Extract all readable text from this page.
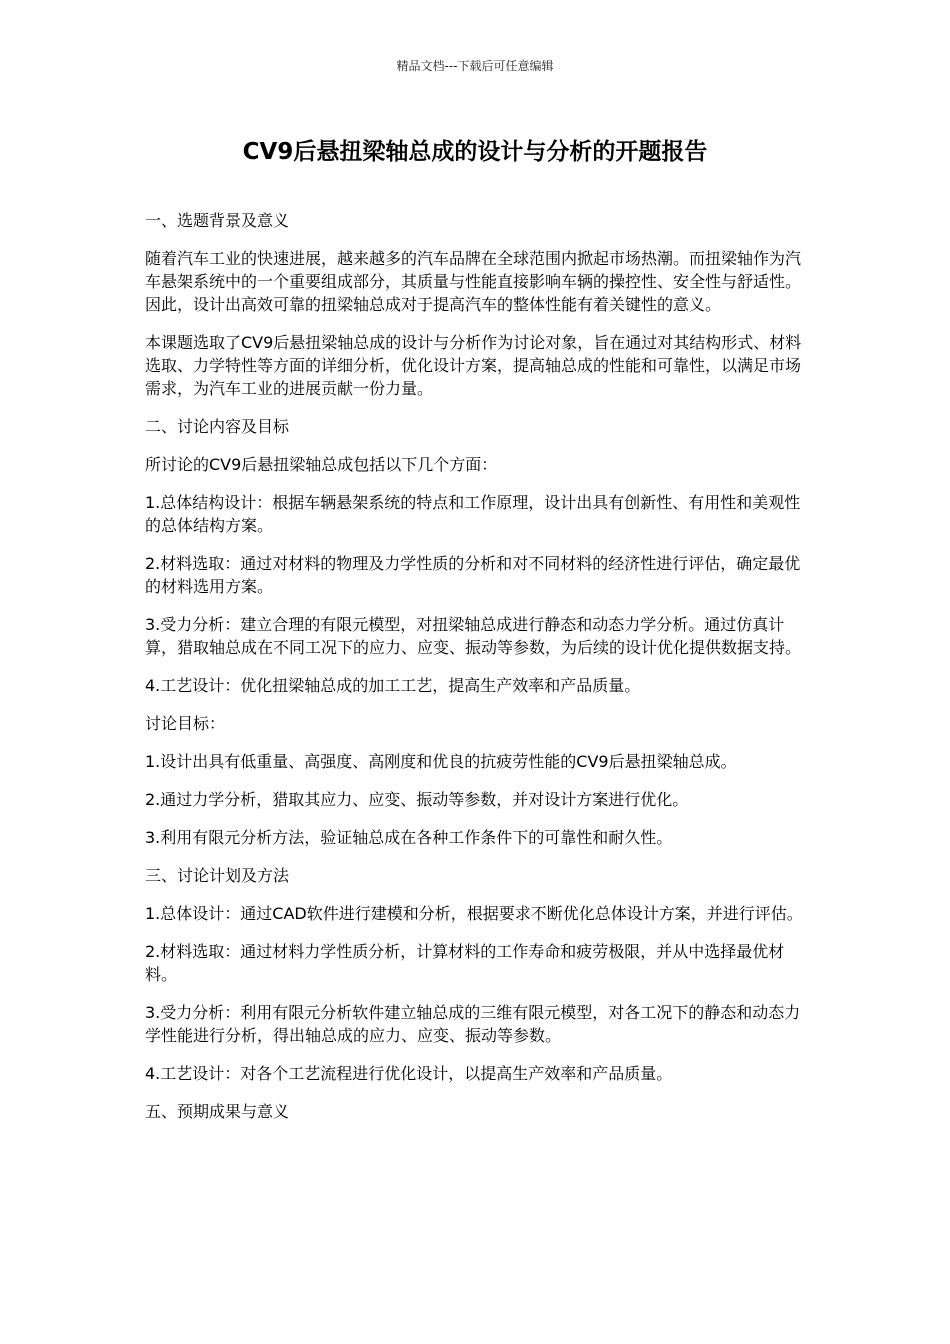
精品文档---下载后可任意编辑
CV9后悬扭梁轴总成的设计与分析的开题报告

一、选题背景及意义

随着汽车工业的快速进展，越来越多的汽车品牌在全球范围内掀起市场热潮。而扭梁轴作为汽车悬架系统中的一个重要组成部分，其质量与性能直接影响车辆的操控性、安全性与舒适性。因此，设计出高效可靠的扭梁轴总成对于提高汽车的整体性能有着关键性的意义。

本课题选取了CV9后悬扭梁轴总成的设计与分析作为讨论对象，旨在通过对其结构形式、材料选取、力学特性等方面的详细分析，优化设计方案，提高轴总成的性能和可靠性，以满足市场需求，为汽车工业的进展贡献一份力量。

二、讨论内容及目标

所讨论的CV9后悬扭梁轴总成包括以下几个方面：

1.总体结构设计：根据车辆悬架系统的特点和工作原理，设计出具有创新性、有用性和美观性的总体结构方案。

2.材料选取：通过对材料的物理及力学性质的分析和对不同材料的经济性进行评估，确定最优的材料选用方案。

3.受力分析：建立合理的有限元模型，对扭梁轴总成进行静态和动态力学分析。通过仿真计算，猎取轴总成在不同工况下的应力、应变、振动等参数，为后续的设计优化提供数据支持。

4.工艺设计：优化扭梁轴总成的加工工艺，提高生产效率和产品质量。

讨论目标：

1.设计出具有低重量、高强度、高刚度和优良的抗疲劳性能的CV9后悬扭梁轴总成。

2.通过力学分析，猎取其应力、应变、振动等参数，并对设计方案进行优化。

3.利用有限元分析方法，验证轴总成在各种工作条件下的可靠性和耐久性。

三、讨论计划及方法

1.总体设计：通过CAD软件进行建模和分析，根据要求不断优化总体设计方案，并进行评估。

2.材料选取：通过材料力学性质分析，计算材料的工作寿命和疲劳极限，并从中选择最优材料。

3.受力分析：利用有限元分析软件建立轴总成的三维有限元模型，对各工况下的静态和动态力学性能进行分析，得出轴总成的应力、应变、振动等参数。

4.工艺设计：对各个工艺流程进行优化设计，以提高生产效率和产品质量。

五、预期成果与意义
